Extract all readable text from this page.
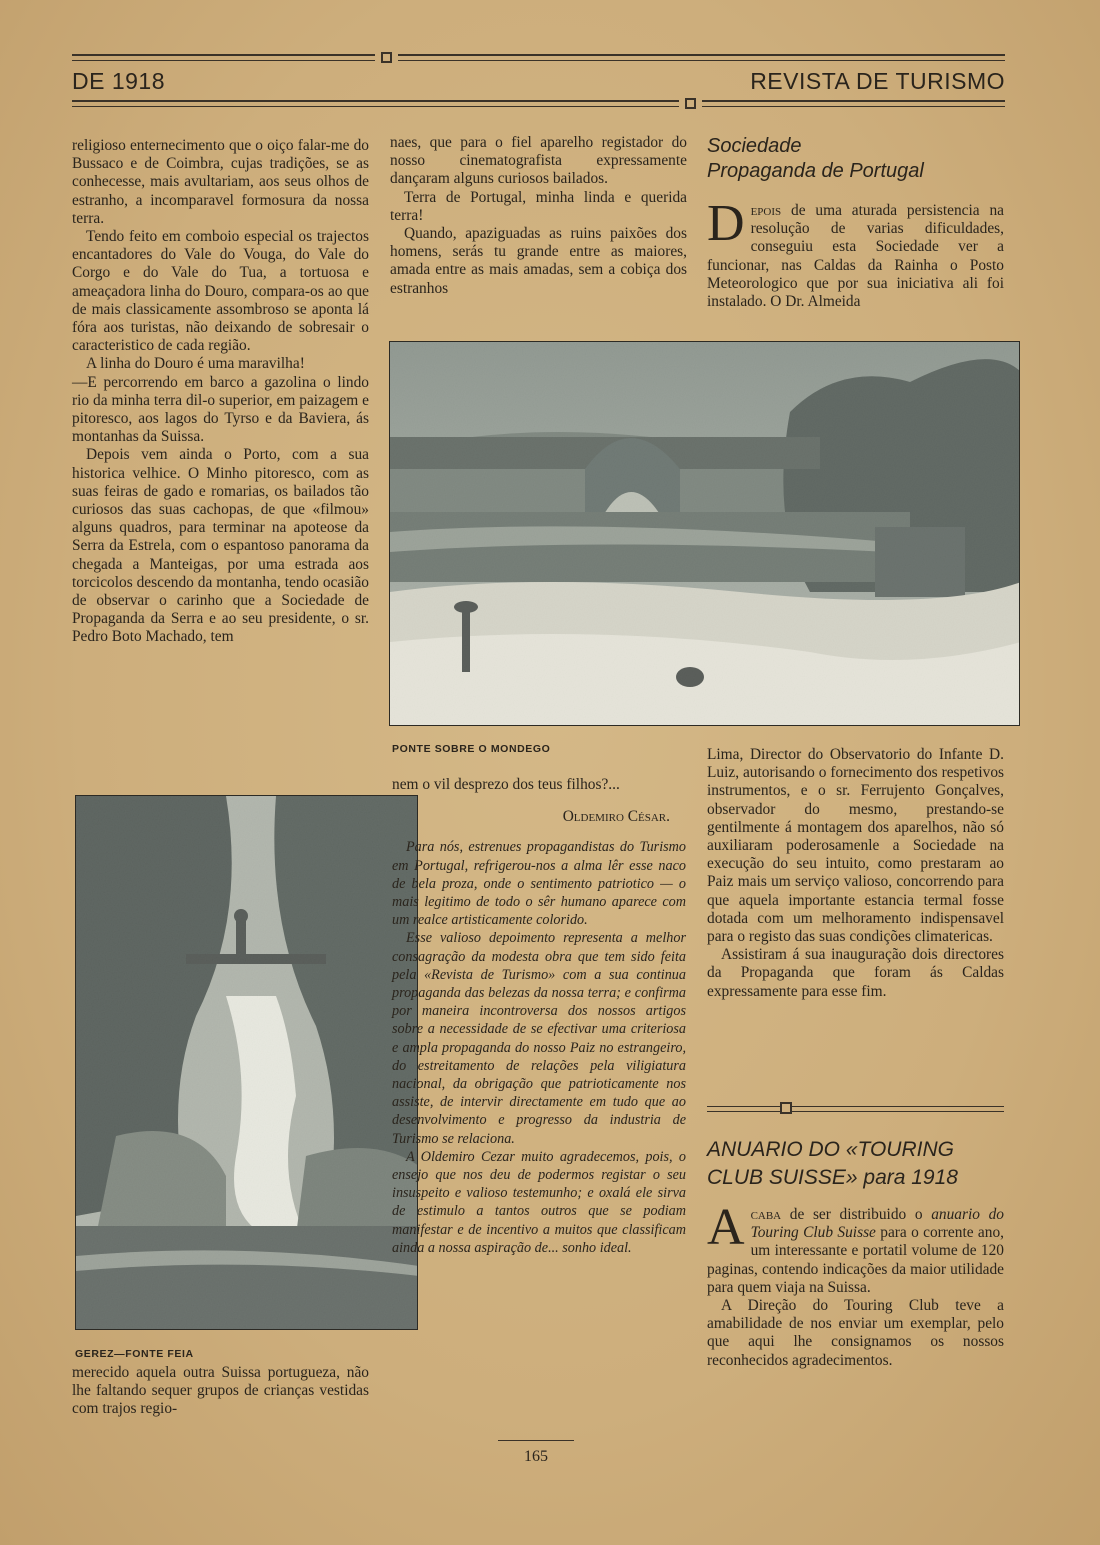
DE 1918	REVISTA DE TURISMO

religioso enternecimento que o oiço falar-me do Bussaco e de Coimbra, cujas tradições, se as conhecesse, mais avultariam, aos seus olhos de estranho, a incomparavel formosura da nossa terra.

Tendo feito em comboio especial os trajectos encantadores do Vale do Vouga, do Vale do Corgo e do Vale do Tua, a tortuosa e ameaçadora linha do Douro, compara-os ao que de mais classicamente assombroso se aponta lá fóra aos turistas, não deixando de sobresair o caracteristico de cada região.

A linha do Douro é uma maravilha!

—E percorrendo em barco a gazolina o lindo rio da minha terra dil-o superior, em paizagem e pitoresco, aos lagos do Tyrso e da Baviera, ás montanhas da Suissa.

Depois vem ainda o Porto, com a sua historica velhice. O Minho pitoresco, com as suas feiras de gado e romarias, os bailados tão curiosos das suas cachopas, de que «filmou» alguns quadros, para terminar na apoteose da Serra da Estrela, com o espantoso panorama da chegada a Manteigas, por uma estrada aos torcicolos descendo da montanha, tendo ocasião de observar o carinho que a Sociedade de Propaganda da Serra e ao seu presidente, o sr. Pedro Boto Machado, tem

naes, que para o fiel aparelho registador do nosso cinematografista expressamente dançaram alguns curiosos bailados.

Terra de Portugal, minha linda e querida terra!

Quando, apaziguadas as ruins paixões dos homens, serás tu grande entre as maiores, amada entre as mais amadas, sem a cobiça dos estranhos

Sociedade
Propaganda de Portugal
D epois de uma aturada persistencia na resolução de varias dificuldades, conseguiu esta Sociedade ver a funcionar, nas Caldas da Rainha o Posto Meteorologico que por sua iniciativa ali foi instalado. O Dr. Almeida
PONTE SOBRE O MONDEGO	Lima, Director do Observatorio do Infante D. Luiz, autorisando o fornecimento dos respetivos instrumentos, e o sr. Ferrujento Gonçalves, observador do mesmo, prestando-se gentilmente á montagem dos aparelhos, não só auxiliaram poderosamenle a Sociedade na execução do seu intuito, como prestaram ao Paiz mais um serviço valioso, concorrendo para que aquela importante estancia termal fosse dotada com um melhoramento indispensavel para o registo das suas condições climatericas.

Assistiram á sua inauguração dois directores da Propaganda que foram ás Caldas expressamente para esse fim.

ANUARIO DO «TOURING
CLUB SUISSE» para 1918
A caba de ser distribuido o anuario do Touring Club Suisse para o corrente ano, um interessante e portatil volume de 120 paginas, contendo indicações da maior utilidade para quem viaja na Suissa.

A Direção do Touring Club teve a amabilidade de nos enviar um exemplar, pelo que aqui lhe consignamos os nossos reconhecidos agradecimentos.

GEREZ—FONTE FEIA

merecido aquela outra Suissa portugueza, não lhe faltando sequer grupos de crianças vestidas com trajos regio-

nem o vil desprezo dos teus filhos?...

Oldemiro César.

Para nós, estrenues propagandistas do Turismo em Portugal, refrigerou-nos a alma lêr esse naco de bela proza, onde o sentimento patriotico — o mais legitimo de todo o sêr humano aparece com um realce artisticamente colorido.

Esse valioso depoimento representa a melhor consagração da modesta obra que tem sido feita pela «Revista de Turismo» com a sua continua propaganda das belezas da nossa terra; e confirma por maneira incontroversa dos nossos artigos sobre a necessidade de se efectivar uma criteriosa e ampla propaganda do nosso Paiz no estrangeiro, do estreitamento de relações pela viligiatura nacional, da obrigação que patrioticamente nos assiste, de intervir directamente em tudo que ao desenvolvimento e progresso da industria de Turismo se relaciona.

A Oldemiro Cezar muito agradecemos, pois, o ensejo que nos deu de podermos registar o seu insuspeito e valioso testemunho; e oxalá ele sirva de estimulo a tantos outros que se podiam manifestar e de incentivo a muitos que classificam ainda a nossa aspiração de... sonho ideal.

165
